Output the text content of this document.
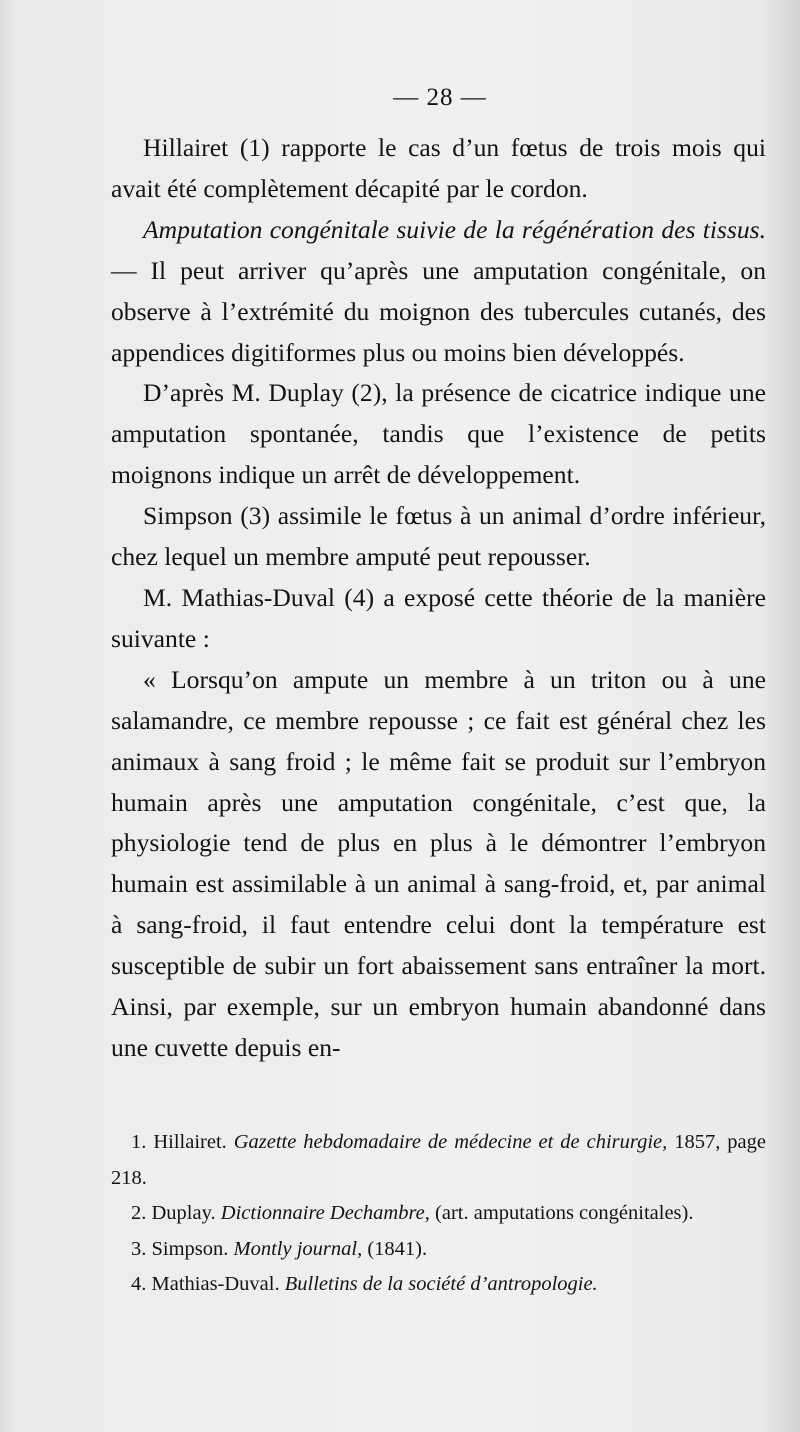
— 28 —

Hillairet (1) rapporte le cas d’un fœtus de trois mois qui avait été complètement décapité par le cordon.

Amputation congénitale suivie de la régénération des tissus. — Il peut arriver qu’après une amputation congénitale, on observe à l’extrémité du moignon des tubercules cutanés, des appendices digitiformes plus ou moins bien développés.

D’après M. Duplay (2), la présence de cicatrice indique une amputation spontanée, tandis que l’existence de petits moignons indique un arrêt de développement.

Simpson (3) assimile le fœtus à un animal d’ordre inférieur, chez lequel un membre amputé peut repousser.

M. Mathias-Duval (4) a exposé cette théorie de la manière suivante :

« Lorsqu’on ampute un membre à un triton ou à une salamandre, ce membre repousse ; ce fait est général chez les animaux à sang froid ; le même fait se produit sur l’embryon humain après une amputation congénitale, c’est que, la physiologie tend de plus en plus à le démontrer l’embryon humain est assimilable à un animal à sang-froid, et, par animal à sang-froid, il faut entendre celui dont la température est susceptible de subir un fort abaissement sans entraîner la mort. Ainsi, par exemple, sur un embryon humain abandonné dans une cuvette depuis en-

1. Hillairet. Gazette hebdomadaire de médecine et de chirurgie, 1857, page 218.

2. Duplay. Dictionnaire Dechambre, (art. amputations congénitales).

3. Simpson. Montly journal, (1841).

4. Mathias-Duval. Bulletins de la société d’antropologie.
